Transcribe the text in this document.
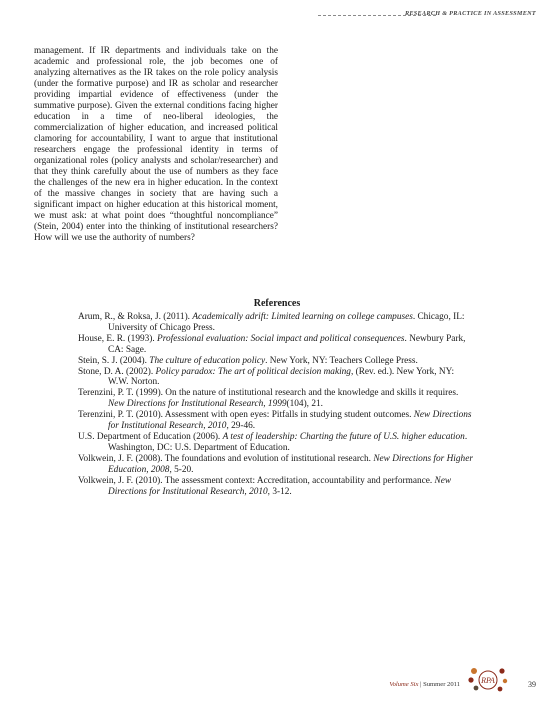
RESEARCH & PRACTICE IN ASSESSMENT

management. If IR departments and individuals take on the academic and professional role, the job becomes one of analyzing alternatives as the IR takes on the role policy analysis (under the formative purpose) and IR as scholar and researcher providing impartial evidence of effectiveness (under the summative purpose). Given the external conditions facing higher education in a time of neo-liberal ideologies, the commercialization of higher education, and increased political clamoring for accountability, I want to argue that institutional researchers engage the professional identity in terms of organizational roles (policy analysts and scholar/researcher) and that they think carefully about the use of numbers as they face the challenges of the new era in higher education. In the context of the massive changes in society that are having such a significant impact on higher education at this historical moment, we must ask: at what point does “thoughtful noncompliance” (Stein, 2004) enter into the thinking of institutional researchers? How will we use the authority of numbers?

References

Arum, R., & Roksa, J. (2011). Academically adrift: Limited learning on college campuses. Chicago, IL: University of Chicago Press.

House, E. R. (1993). Professional evaluation: Social impact and political consequences. Newbury Park, CA: Sage.

Stein, S. J. (2004). The culture of education policy. New York, NY: Teachers College Press.

Stone, D. A. (2002). Policy paradox: The art of political decision making, (Rev. ed.). New York, NY: W.W. Norton.

Terenzini, P. T. (1999). On the nature of institutional research and the knowledge and skills it requires. New Directions for Institutional Research, 1999(104), 21.

Terenzini, P. T. (2010). Assessment with open eyes: Pitfalls in studying student outcomes. New Directions for Institutional Research, 2010, 29-46.

U.S. Department of Education (2006). A test of leadership: Charting the future of U.S. higher education. Washington, DC: U.S. Department of Education.

Volkwein, J. F. (2008). The foundations and evolution of institutional research. New Directions for Higher Education, 2008, 5-20.

Volkwein, J. F. (2010). The assessment context: Accreditation, accountability and performance. New Directions for Institutional Research, 2010, 3-12.

Volume Six | Summer 2011	RPA	39
